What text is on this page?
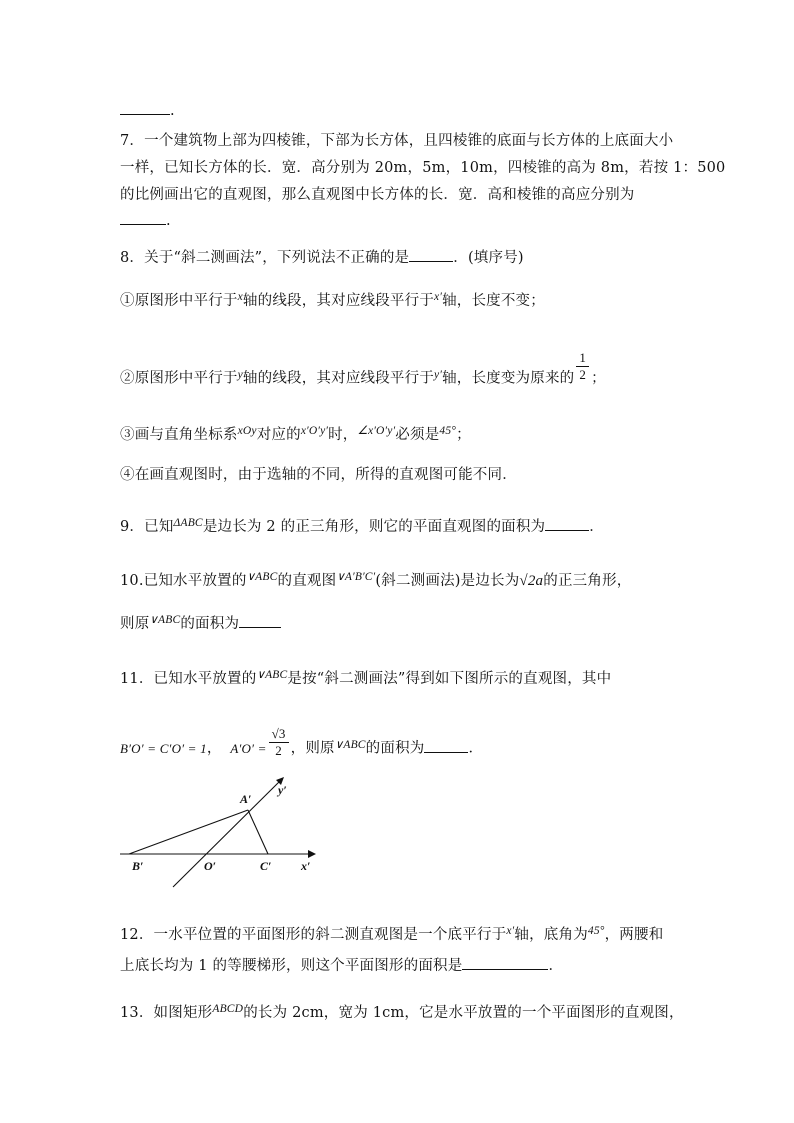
.
7．一个建筑物上部为四棱锥，下部为长方体，且四棱锥的底面与长方体的上底面大小
一样，已知长方体的长．宽．高分别为 20m，5m，10m，四棱锥的高为 8m，若按 1：500
的比例画出它的直观图，那么直观图中长方体的长．宽．高和棱锥的高应分别为
.
8．关于“斜二测画法”，下列说法不正确的是	．(填序号)
①原图形中平行于$^x$轴的线段，其对应线段平行于$^{x'}$轴，长度不变；
②原图形中平行于$^y$轴的线段，其对应线段平行于$^{y'}$轴，长度变为原来的 $\frac{1}{2}$ ；
③画与直角坐标系$^{xOy}$对应的$^{x'O'y'}$时，$^{\angle x'O'y'}$必须是$^{45^\circ}$；
④在画直观图时，由于选轴的不同，所得的直观图可能不同．
9．已知$^{\Delta ABC}$是边长为 2 的正三角形，则它的平面直观图的面积为	．
10.已知水平放置的$^{\vee ABC}$的直观图$^{\vee A'B'C'}$(斜二测画法)是边长为√2a的正三角形，
则原$^{\vee ABC}$的面积为
11．已知水平放置的$^{\vee ABC}$是按“斜二测画法”得到如下图所示的直观图，其中
B′O′ = C′O′ = 1， $A'O' = \frac{√3}{2}$ ，则原$^{\vee ABC}$的面积为	．
A′
B′	O′	C′ x′
y′
12．一水平位置的平面图形的斜二测直观图是一个底平行于$^{x'}$轴，底角为$^{45^\circ}$，两腰和
上底长均为 1 的等腰梯形，则这个平面图形的面积是	．
13．如图矩形$^{ABCD}$的长为 2cm，宽为 1cm，它是水平放置的一个平面图形的直观图，
